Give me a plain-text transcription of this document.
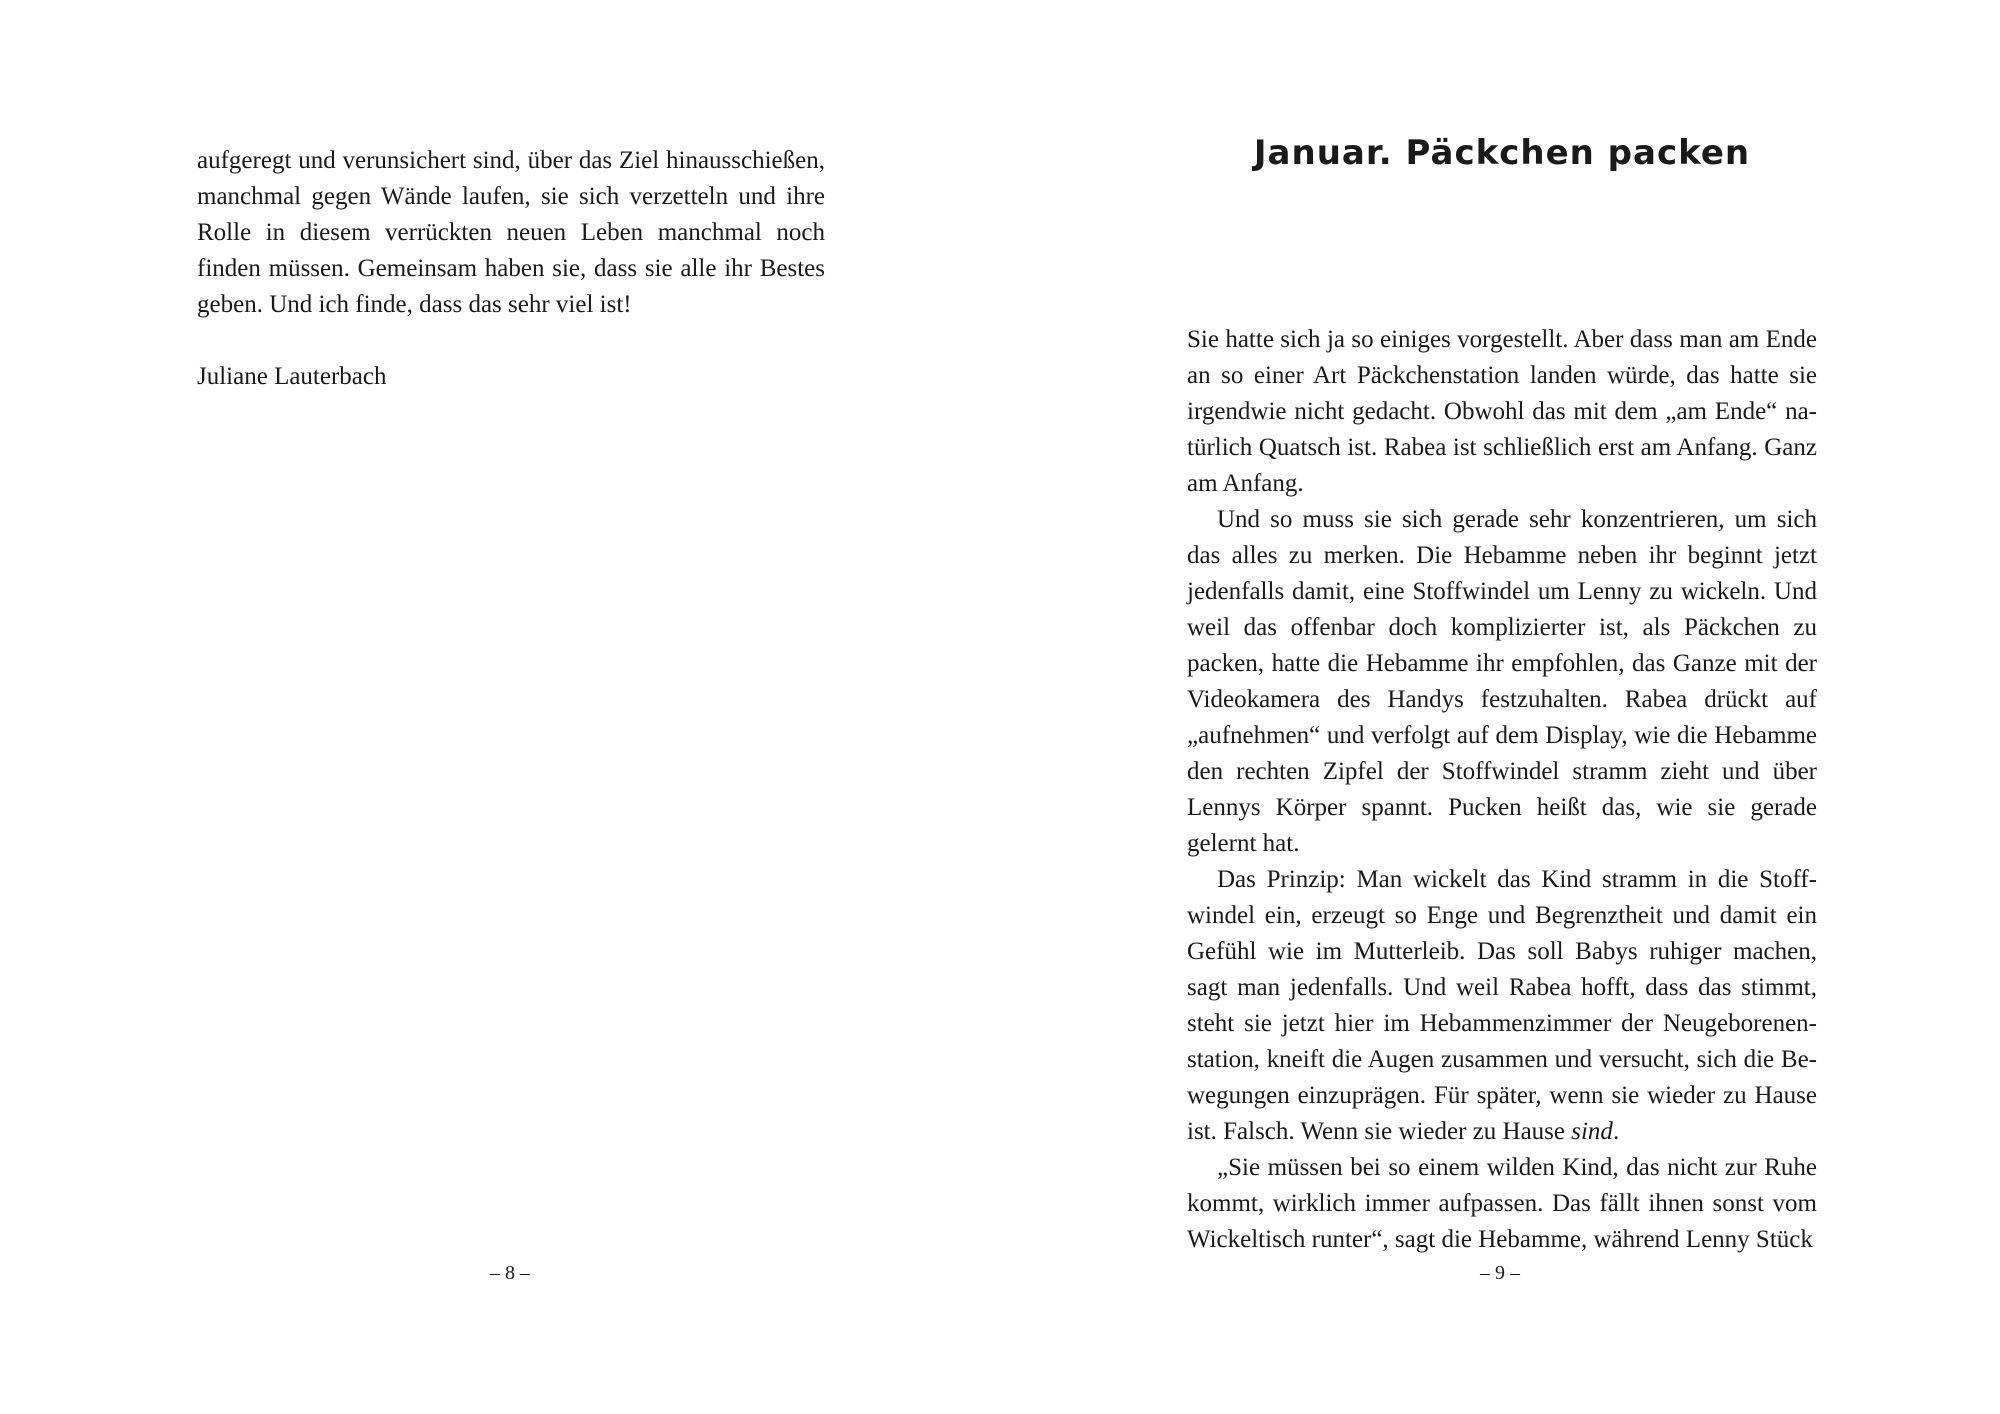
aufgeregt und verunsichert sind, über das Ziel hinausschießen, manchmal gegen Wände laufen, sie sich verzetteln und ihre Rolle in diesem verrückten neuen Leben manchmal noch finden müssen. Gemeinsam haben sie, dass sie alle ihr Bestes geben. Und ich finde, dass das sehr viel ist!

Juliane Lauterbach

– 8 –
Januar. Päckchen packen

Sie hatte sich ja so einiges vorgestellt. Aber dass man am Ende an so einer Art Päckchenstation landen würde, das hatte sie irgendwie nicht gedacht. Obwohl das mit dem „am Ende“ natürlich Quatsch ist. Rabea ist schließlich erst am Anfang. Ganz am Anfang.

Und so muss sie sich gerade sehr konzentrieren, um sich das alles zu merken. Die Hebamme neben ihr beginnt jetzt jedenfalls damit, eine Stoffwindel um Lenny zu wickeln. Und weil das offenbar doch komplizierter ist, als Päckchen zu packen, hatte die Hebamme ihr empfohlen, das Ganze mit der Videokamera des Handys festzuhalten. Rabea drückt auf „aufnehmen“ und verfolgt auf dem Display, wie die Hebamme den rechten Zipfel der Stoffwindel stramm zieht und über Lennys Körper spannt. Pucken heißt das, wie sie gerade gelernt hat.

Das Prinzip: Man wickelt das Kind stramm in die Stoffwindel ein, erzeugt so Enge und Begrenztheit und damit ein Gefühl wie im Mutterleib. Das soll Babys ruhiger machen, sagt man jedenfalls. Und weil Rabea hofft, dass das stimmt, steht sie jetzt hier im Hebammenzimmer der Neugeborenenstation, kneift die Augen zusammen und versucht, sich die Bewegungen einzuprägen. Für später, wenn sie wieder zu Hause ist. Falsch. Wenn sie wieder zu Hause sind.

„Sie müssen bei so einem wilden Kind, das nicht zur Ruhe kommt, wirklich immer aufpassen. Das fällt ihnen sonst vom Wickeltisch runter“, sagt die Hebamme, während Lenny Stück

– 9 –
